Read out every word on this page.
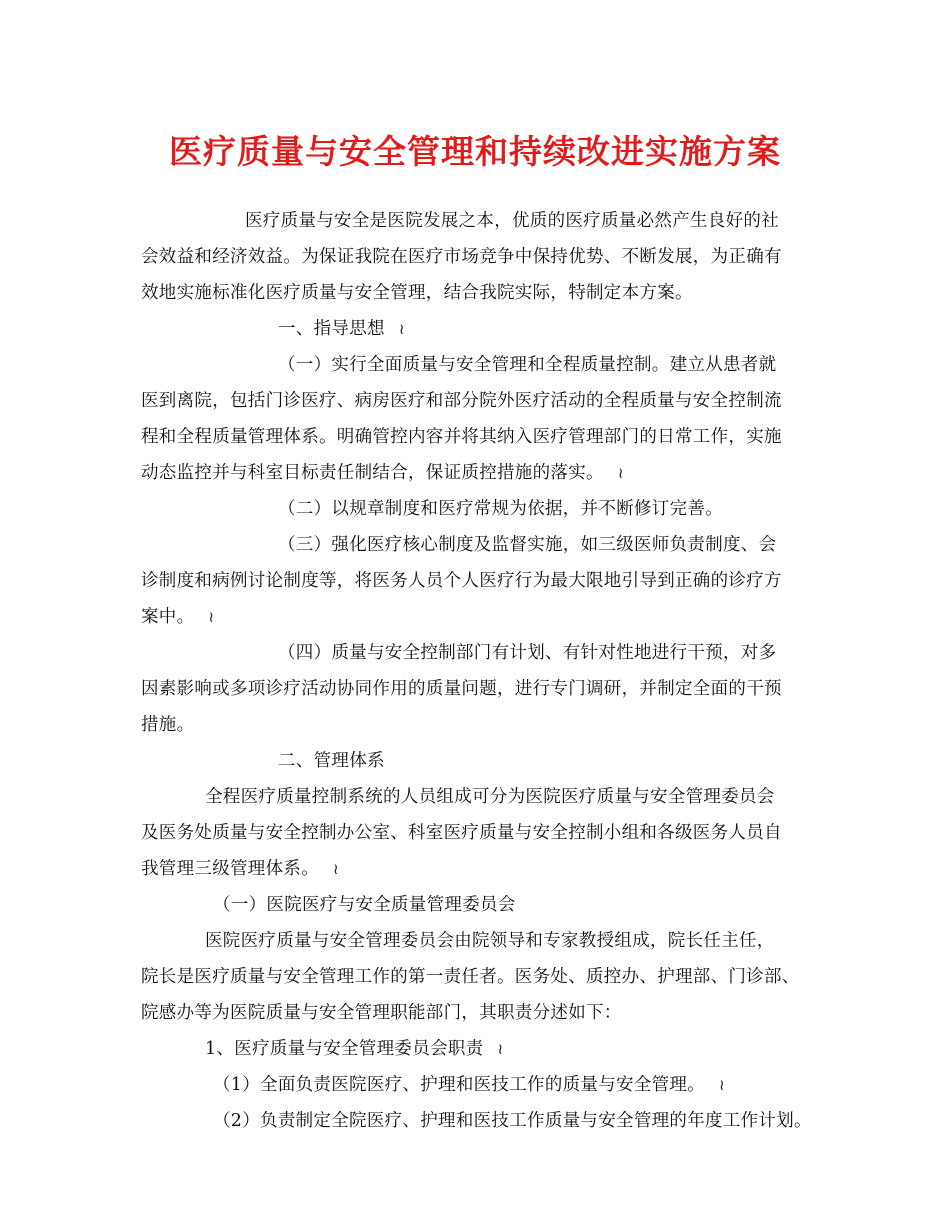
医疗质量与安全管理和持续改进实施方案
医疗质量与安全是医院发展之本，优质的医疗质量必然产生良好的社
会效益和经济效益。为保证我院在医疗市场竞争中保持优势、不断发展，为正确有
效地实施标准化医疗质量与安全管理，结合我院实际，特制定本方案。
一、指导思想 ≀
（一）实行全面质量与安全管理和全程质量控制。建立从患者就
医到离院，包括门诊医疗、病房医疗和部分院外医疗活动的全程质量与安全控制流
程和全程质量管理体系。明确管控内容并将其纳入医疗管理部门的日常工作，实施
动态监控并与科室目标责任制结合，保证质控措施的落实。 ≀
（二）以规章制度和医疗常规为依据，并不断修订完善。
（三）强化医疗核心制度及监督实施，如三级医师负责制度、会
诊制度和病例讨论制度等，将医务人员个人医疗行为最大限地引导到正确的诊疗方
案中。 ≀
（四）质量与安全控制部门有计划、有针对性地进行干预，对多
因素影响或多项诊疗活动协同作用的质量问题，进行专门调研，并制定全面的干预
措施。
二、管理体系
全程医疗质量控制系统的人员组成可分为医院医疗质量与安全管理委员会
及医务处质量与安全控制办公室、科室医疗质量与安全控制小组和各级医务人员自
我管理三级管理体系。 ≀
（一）医院医疗与安全质量管理委员会
医院医疗质量与安全管理委员会由院领导和专家教授组成，院长任主任，
院长是医疗质量与安全管理工作的第一责任者。医务处、质控办、护理部、门诊部、
院感办等为医院质量与安全管理职能部门，其职责分述如下：
1、医疗质量与安全管理委员会职责 ≀
（1）全面负责医院医疗、护理和医技工作的质量与安全管理。 ≀
（2）负责制定全院医疗、护理和医技工作质量与安全管理的年度工作计划。
